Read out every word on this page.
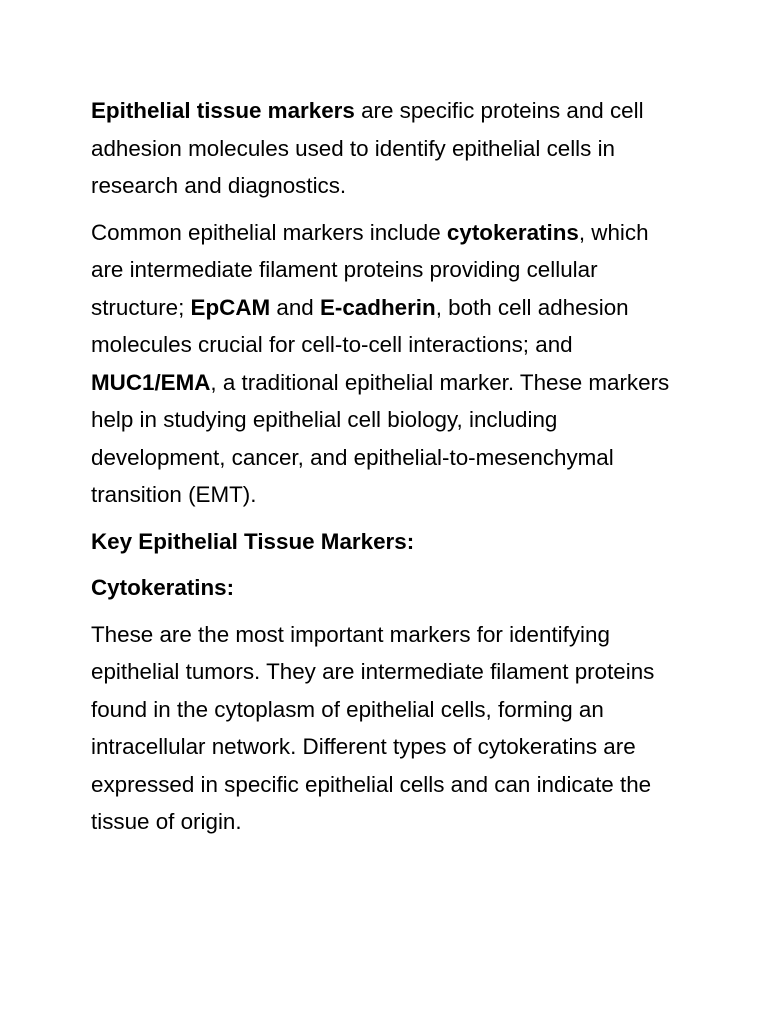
Epithelial tissue markers are specific proteins and cell adhesion molecules used to identify epithelial cells in research and diagnostics.

Common epithelial markers include cytokeratins, which are intermediate filament proteins providing cellular structure; EpCAM and E-cadherin, both cell adhesion molecules crucial for cell-to-cell interactions; and MUC1/EMA, a traditional epithelial marker. These markers help in studying epithelial cell biology, including development, cancer, and epithelial-to-mesenchymal transition (EMT).

Key Epithelial Tissue Markers:

Cytokeratins:

These are the most important markers for identifying epithelial tumors. They are intermediate filament proteins found in the cytoplasm of epithelial cells, forming an intracellular network. Different types of cytokeratins are expressed in specific epithelial cells and can indicate the tissue of origin.
